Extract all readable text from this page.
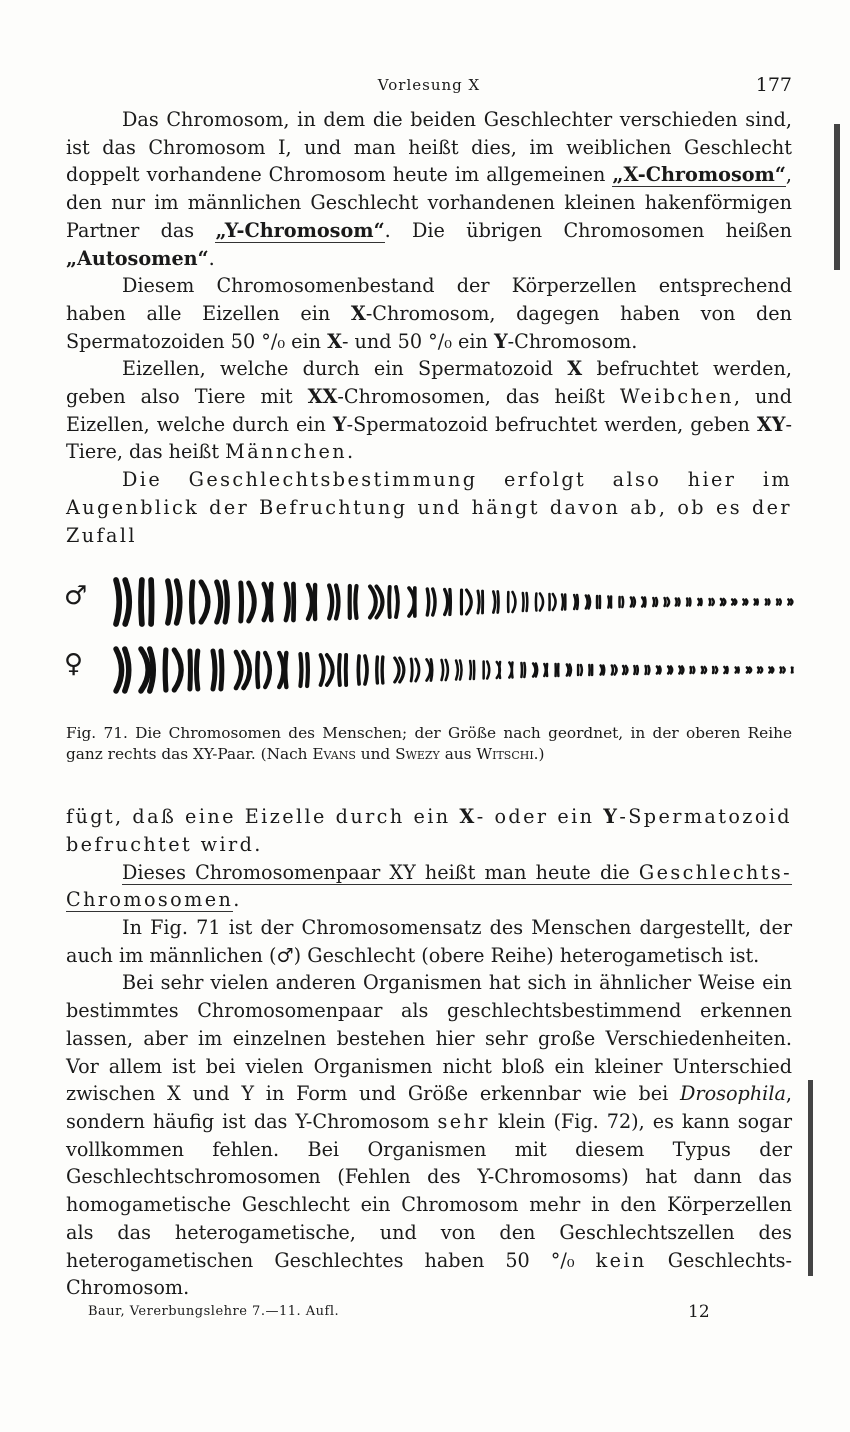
Vorlesung X	177

Das Chromosom, in dem die beiden Geschlechter verschieden sind, ist das Chromosom I, und man heißt dies, im weiblichen Geschlecht doppelt vorhandene Chromosom heute im allgemeinen „X-Chromosom“, den nur im männlichen Geschlecht vorhandenen kleinen hakenförmigen Partner das „Y-Chromosom“. Die übrigen Chromosomen heißen „Autosomen“.

Diesem Chromosomenbestand der Körperzellen entsprechend haben alle Eizellen ein X-Chromosom, dagegen haben von den Spermatozoiden 50 °/₀ ein X- und 50 °/₀ ein Y-Chromosom.

Eizellen, welche durch ein Spermatozoid X befruchtet werden, geben also Tiere mit XX-Chromosomen, das heißt Weibchen, und Eizellen, welche durch ein Y-Spermatozoid befruchtet werden, geben XY-Tiere, das heißt Männchen.

Die Geschlechtsbestimmung erfolgt also hier im Augenblick der Befruchtung und hängt davon ab, ob es der Zufall

♂
♀
Fig. 71. Die Chromosomen des Menschen; der Größe nach geordnet, in der oberen Reihe ganz rechts das XY-Paar. (Nach Evans und Swezy aus Witschi.)

fügt, daß eine Eizelle durch ein X- oder ein Y-Spermatozoid befruchtet wird.

Dieses Chromosomenpaar XY heißt man heute die Geschlechts-Chromosomen.

In Fig. 71 ist der Chromosomensatz des Menschen dargestellt, der auch im männlichen (♂) Geschlecht (obere Reihe) heterogametisch ist.

Bei sehr vielen anderen Organismen hat sich in ähnlicher Weise ein bestimmtes Chromosomenpaar als geschlechtsbestimmend erkennen lassen, aber im einzelnen bestehen hier sehr große Verschiedenheiten. Vor allem ist bei vielen Organismen nicht bloß ein kleiner Unterschied zwischen X und Y in Form und Größe erkennbar wie bei Drosophila, sondern häufig ist das Y-Chromosom sehr klein (Fig. 72), es kann sogar vollkommen fehlen. Bei Organismen mit diesem Typus der Geschlechtschromosomen (Fehlen des Y-Chromosoms) hat dann das homogametische Geschlecht ein Chromosom mehr in den Körperzellen als das heterogametische, und von den Geschlechtszellen des heterogametischen Geschlechtes haben 50 °/₀ kein Geschlechts-Chromosom.

Baur, Vererbungslehre 7.—11. Aufl.	12
